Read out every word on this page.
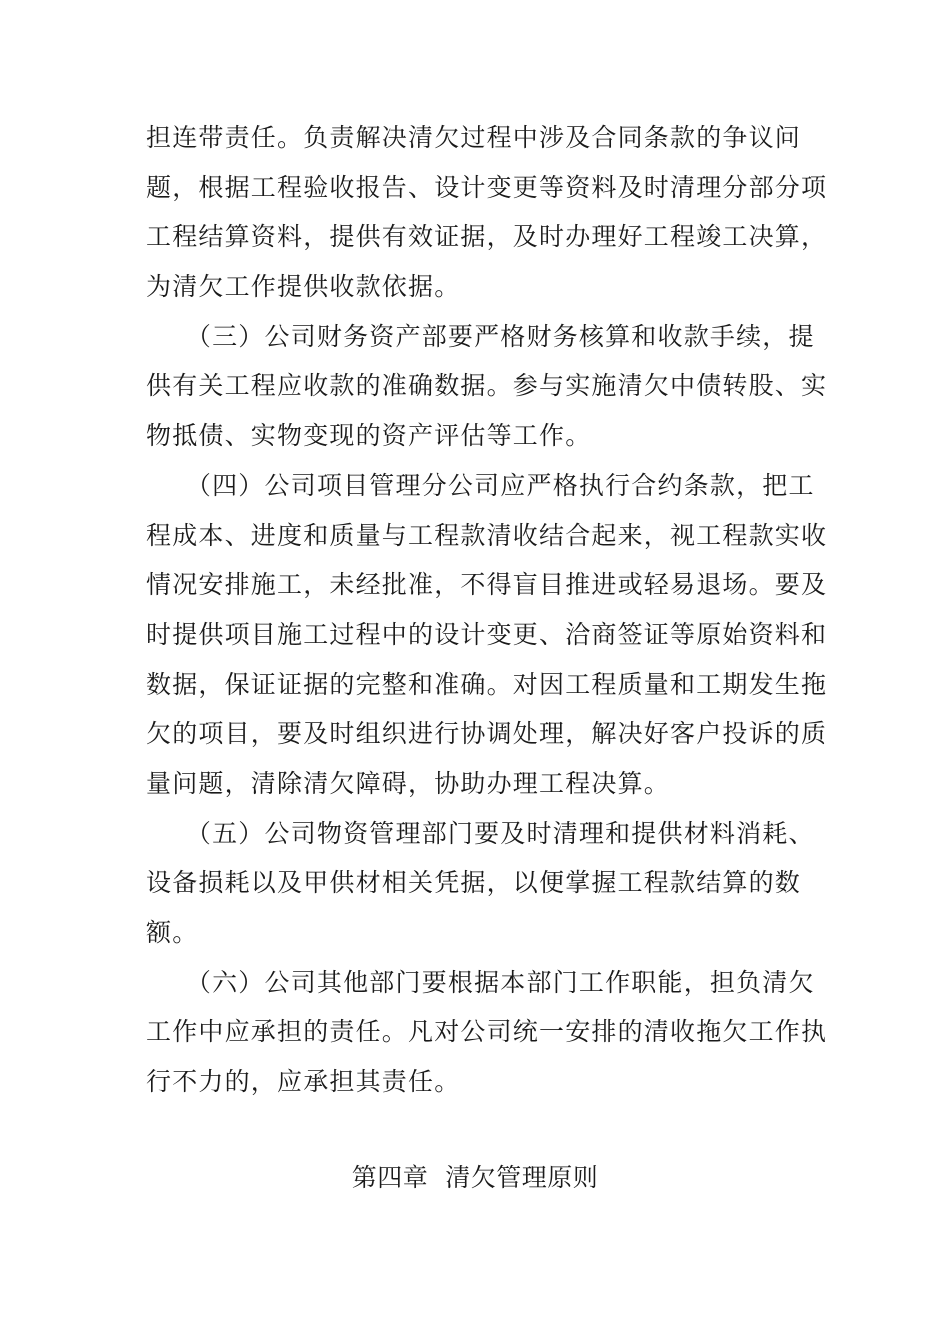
担连带责任。负责解决清欠过程中涉及合同条款的争议问
题，根据工程验收报告、设计变更等资料及时清理分部分项
工程结算资料，提供有效证据，及时办理好工程竣工决算，
为清欠工作提供收款依据。
　　（三）公司财务资产部要严格财务核算和收款手续，提
供有关工程应收款的准确数据。参与实施清欠中债转股、实
物抵债、实物变现的资产评估等工作。
　　（四）公司项目管理分公司应严格执行合约条款，把工
程成本、进度和质量与工程款清收结合起来，视工程款实收
情况安排施工，未经批准，不得盲目推进或轻易退场。要及
时提供项目施工过程中的设计变更、洽商签证等原始资料和
数据，保证证据的完整和准确。对因工程质量和工期发生拖
欠的项目，要及时组织进行协调处理，解决好客户投诉的质
量问题，清除清欠障碍，协助办理工程决算。
　　（五）公司物资管理部门要及时清理和提供材料消耗、
设备损耗以及甲供材相关凭据，以便掌握工程款结算的数
额。
　　（六）公司其他部门要根据本部门工作职能，担负清欠
工作中应承担的责任。凡对公司统一安排的清收拖欠工作执
行不力的，应承担其责任。
第四章  清欠管理原则
